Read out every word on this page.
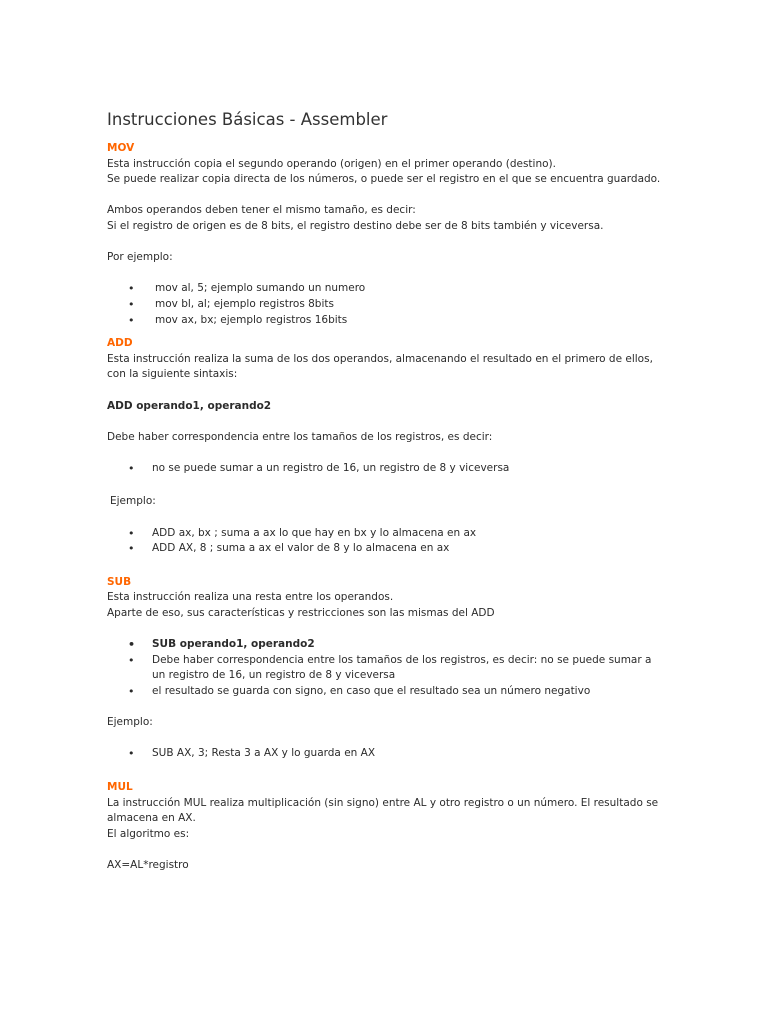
Instrucciones Básicas - Assembler
MOV

Esta instrucción copia el segundo operando (origen) en el primer operando (destino).

Se puede realizar copia directa de los números, o puede ser el registro en el que se encuentra guardado.

Ambos operandos deben tener el mismo tamaño, es decir:

Si el registro de origen es de 8 bits, el registro destino debe ser de 8 bits también y viceversa.

Por ejemplo:

• mov al, 5; ejemplo sumando un numero
• mov bl, al; ejemplo registros 8bits
• mov ax, bx; ejemplo registros 16bits
ADD

Esta instrucción realiza la suma de los dos operandos, almacenando el resultado en el primero de ellos, con la siguiente sintaxis:

ADD operando1, operando2

Debe haber correspondencia entre los tamaños de los registros, es decir:

• no se puede sumar a un registro de 16, un registro de 8 y viceversa

Ejemplo:

• ADD ax, bx ; suma a ax lo que hay en bx y lo almacena en ax
• ADD AX, 8 ; suma a ax el valor de 8 y lo almacena en ax
SUB

Esta instrucción realiza una resta entre los operandos.

Aparte de eso, sus características y restricciones son las mismas del ADD

• SUB operando1, operando2
• Debe haber correspondencia entre los tamaños de los registros, es decir: no se puede sumar a un registro de 16, un registro de 8 y viceversa
• el resultado se guarda con signo, en caso que el resultado sea un número negativo

Ejemplo:

• SUB AX, 3; Resta 3 a AX y lo guarda en AX
MUL

La instrucción MUL realiza multiplicación (sin signo) entre AL y otro registro o un número. El resultado se almacena en AX.

El algoritmo es:

AX=AL*registro
